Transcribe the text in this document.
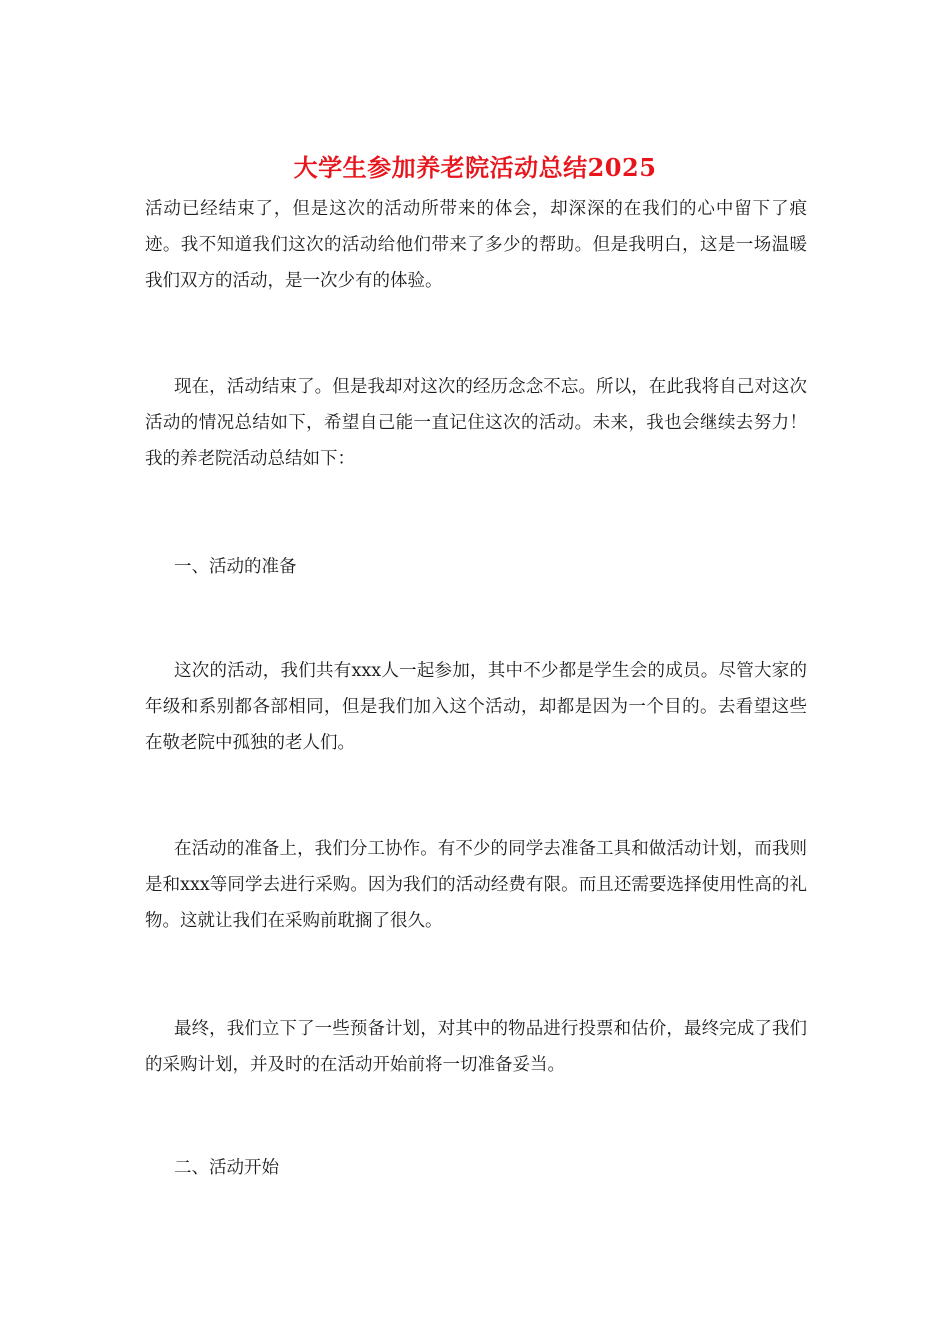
大学生参加养老院活动总结2025

活动已经结束了，但是这次的活动所带来的体会，却深深的在我们的心中留下了痕迹。我不知道我们这次的活动给他们带来了多少的帮助。但是我明白，这是一场温暖我们双方的活动，是一次少有的体验。

现在，活动结束了。但是我却对这次的经历念念不忘。所以，在此我将自己对这次活动的情况总结如下，希望自己能一直记住这次的活动。未来，我也会继续去努力！我的养老院活动总结如下：

一、活动的准备

这次的活动，我们共有xxx人一起参加，其中不少都是学生会的成员。尽管大家的年级和系别都各部相同，但是我们加入这个活动，却都是因为一个目的。去看望这些在敬老院中孤独的老人们。

在活动的准备上，我们分工协作。有不少的同学去准备工具和做活动计划，而我则是和xxx等同学去进行采购。因为我们的活动经费有限。而且还需要选择使用性高的礼物。这就让我们在采购前耽搁了很久。

最终，我们立下了一些预备计划，对其中的物品进行投票和估价，最终完成了我们的采购计划，并及时的在活动开始前将一切准备妥当。

二、活动开始
